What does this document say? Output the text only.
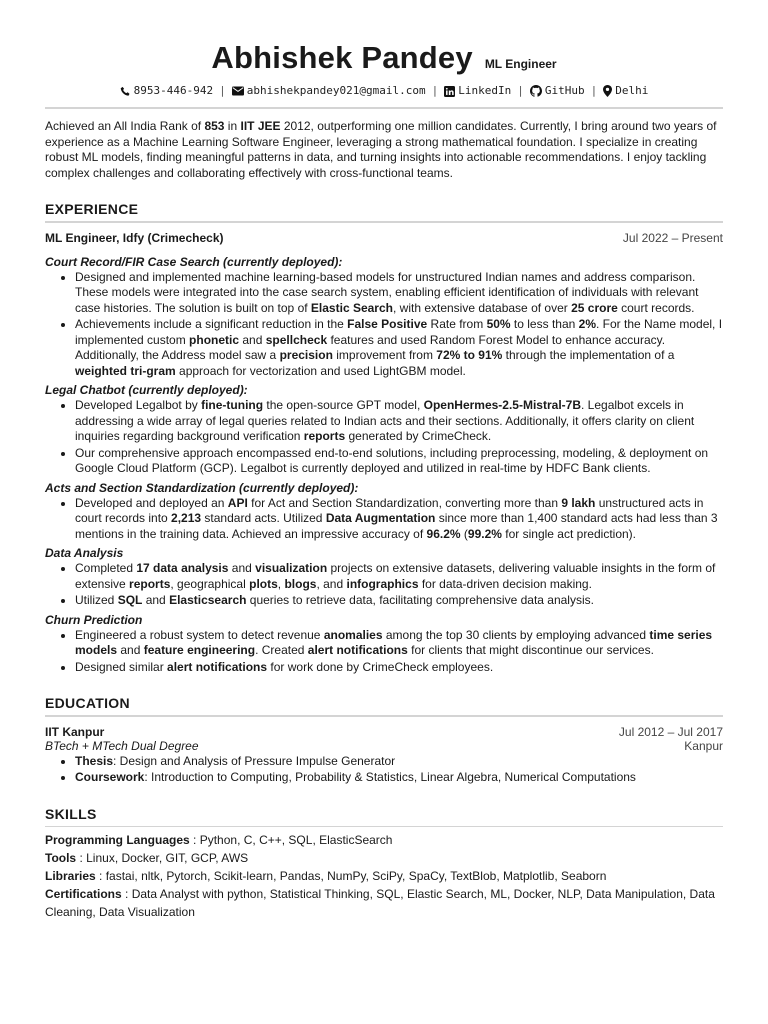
Abhishek Pandey ML Engineer
8953-446-942 |	abhishekpandey021@gmail.com |	LinkedIn |	GitHub |	Delhi
Achieved an All India Rank of 853 in IIT JEE 2012, outperforming one million candidates. Currently, I bring around two years of experience as a Machine Learning Software Engineer, leveraging a strong mathematical foundation. I specialize in creating robust ML models, finding meaningful patterns in data, and turning insights into actionable recommendations. I enjoy tackling complex challenges and collaborating effectively with cross-functional teams.
EXPERIENCE
ML Engineer, Idfy (Crimecheck)	Jul 2022 – Present
Court Record/FIR Case Search (currently deployed):
• Designed and implemented machine learning-based models for unstructured Indian names and address comparison. These models were integrated into the case search system, enabling efficient identification of individuals with relevant case histories. The solution is built on top of Elastic Search, with extensive database of over 25 crore court records.
• Achievements include a significant reduction in the False Positive Rate from 50% to less than 2%. For the Name model, I implemented custom phonetic and spellcheck features and used Random Forest Model to enhance accuracy. Additionally, the Address model saw a precision improvement from 72% to 91% through the implementation of a weighted tri-gram approach for vectorization and used LightGBM model.
Legal Chatbot (currently deployed):
• Developed Legalbot by fine-tuning the open-source GPT model, OpenHermes-2.5-Mistral-7B. Legalbot excels in addressing a wide array of legal queries related to Indian acts and their sections. Additionally, it offers clarity on client inquiries regarding background verification reports generated by CrimeCheck.
• Our comprehensive approach encompassed end-to-end solutions, including preprocessing, modeling, & deployment on Google Cloud Platform (GCP). Legalbot is currently deployed and utilized in real-time by HDFC Bank clients.
Acts and Section Standardization (currently deployed):
• Developed and deployed an API for Act and Section Standardization, converting more than 9 lakh unstructured acts in court records into 2,213 standard acts. Utilized Data Augmentation since more than 1,400 standard acts had less than 3 mentions in the training data. Achieved an impressive accuracy of 96.2% (99.2% for single act prediction).
Data Analysis
• Completed 17 data analysis and visualization projects on extensive datasets, delivering valuable insights in the form of extensive reports, geographical plots, blogs, and infographics for data-driven decision making.
• Utilized SQL and Elasticsearch queries to retrieve data, facilitating comprehensive data analysis.
Churn Prediction
• Engineered a robust system to detect revenue anomalies among the top 30 clients by employing advanced time series models and feature engineering. Created alert notifications for clients that might discontinue our services.
• Designed similar alert notifications for work done by CrimeCheck employees.
EDUCATION
IIT Kanpur	Jul 2012 – Jul 2017
BTech + MTech Dual Degree	Kanpur
• Thesis: Design and Analysis of Pressure Impulse Generator
• Coursework: Introduction to Computing, Probability & Statistics, Linear Algebra, Numerical Computations
SKILLS
Programming Languages : Python, C, C++, SQL, ElasticSearch
Tools : Linux, Docker, GIT, GCP, AWS
Libraries : fastai, nltk, Pytorch, Scikit-learn, Pandas, NumPy, SciPy, SpaCy, TextBlob, Matplotlib, Seaborn
Certifications : Data Analyst with python, Statistical Thinking, SQL, Elastic Search, ML, Docker, NLP, Data Manipulation, Data Cleaning, Data Visualization
